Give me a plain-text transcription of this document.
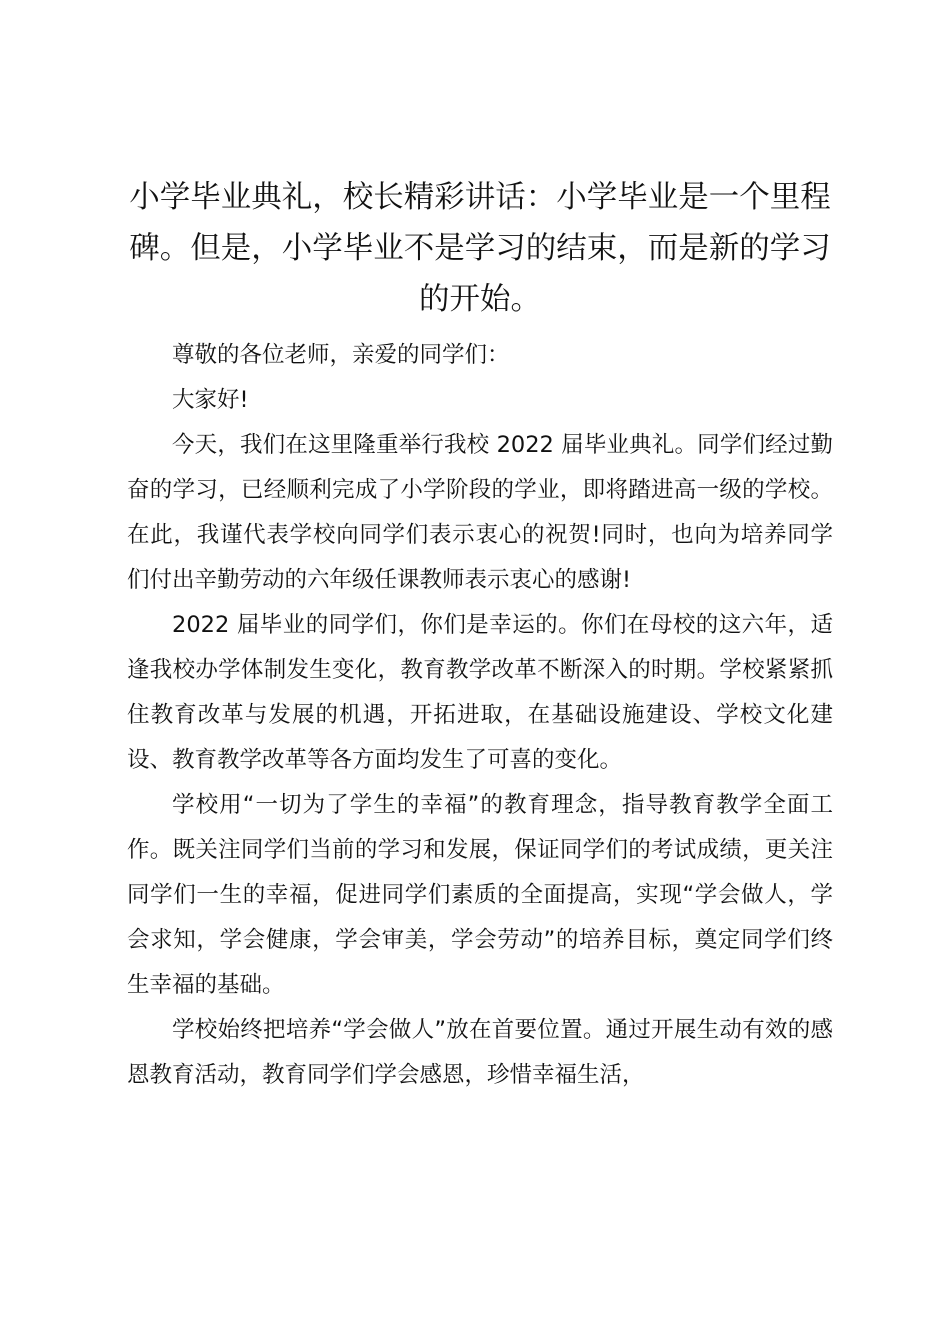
小学毕业典礼，校长精彩讲话：小学毕业是一个里程碑。但是，小学毕业不是学习的结束，而是新的学习的开始。

尊敬的各位老师，亲爱的同学们：

大家好!

今天，我们在这里隆重举行我校 2022 届毕业典礼。同学们经过勤奋的学习，已经顺利完成了小学阶段的学业，即将踏进高一级的学校。在此，我谨代表学校向同学们表示衷心的祝贺!同时，也向为培养同学们付出辛勤劳动的六年级任课教师表示衷心的感谢!

2022 届毕业的同学们，你们是幸运的。你们在母校的这六年，适逢我校办学体制发生变化，教育教学改革不断深入的时期。学校紧紧抓住教育改革与发展的机遇，开拓进取，在基础设施建设、学校文化建设、教育教学改革等各方面均发生了可喜的变化。

学校用“一切为了学生的幸福”的教育理念，指导教育教学全面工作。既关注同学们当前的学习和发展，保证同学们的考试成绩，更关注同学们一生的幸福，促进同学们素质的全面提高，实现“学会做人，学会求知，学会健康，学会审美，学会劳动”的培养目标，奠定同学们终生幸福的基础。

学校始终把培养“学会做人”放在首要位置。通过开展生动有效的感恩教育活动，教育同学们学会感恩，珍惜幸福生活，
